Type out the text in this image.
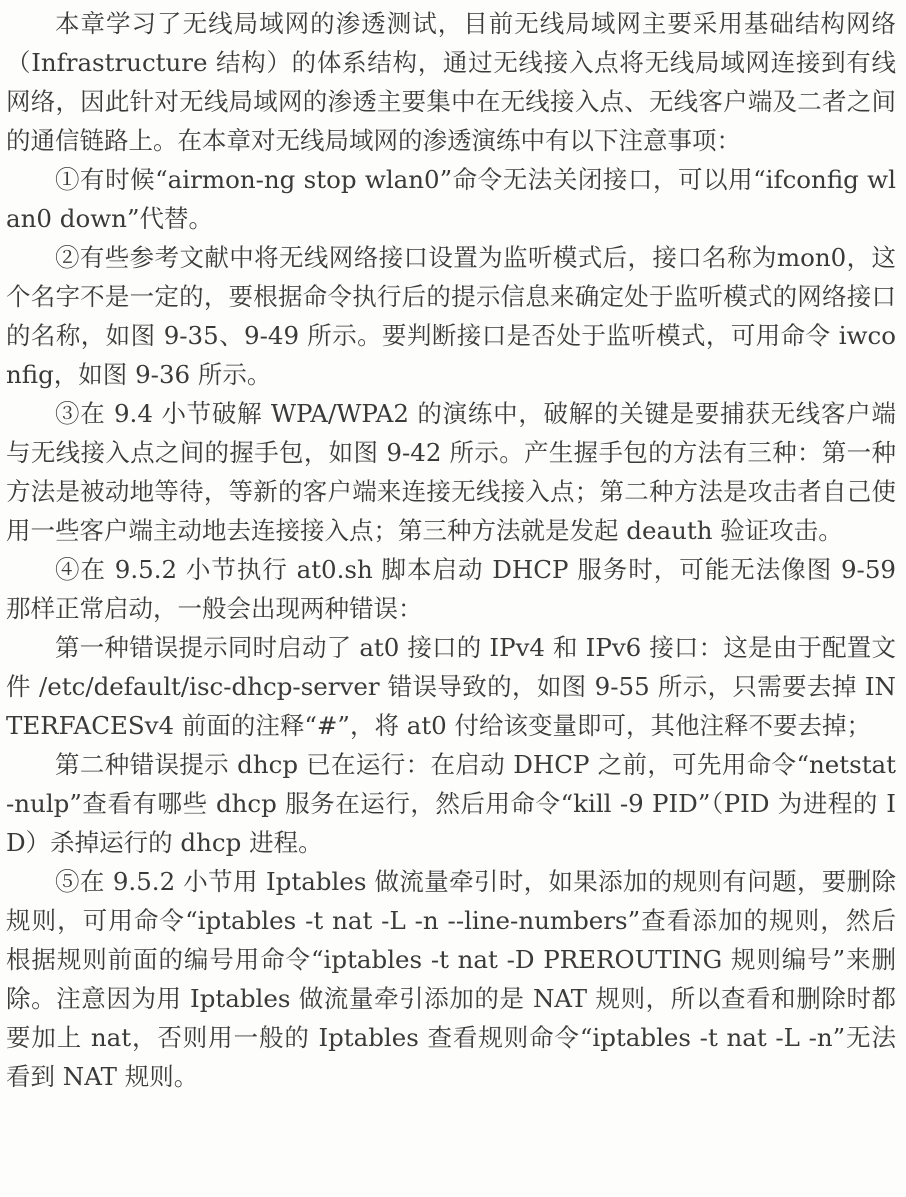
本章学习了无线局域网的渗透测试，目前无线局域网主要采用基础结构网络（Infrastructure 结构）的体系结构，通过无线接入点将无线局域网连接到有线网络，因此针对无线局域网的渗透主要集中在无线接入点、无线客户端及二者之间的通信链路上。在本章对无线局域网的渗透演练中有以下注意事项：

①有时候“airmon-ng stop wlan0”命令无法关闭接口，可以用“ifconfig wlan0 down”代替。

②有些参考文献中将无线网络接口设置为监听模式后，接口名称为mon0，这个名字不是一定的，要根据命令执行后的提示信息来确定处于监听模式的网络接口的名称，如图 9-35、9-49 所示。要判断接口是否处于监听模式，可用命令 iwconfig，如图 9-36 所示。

③在 9.4 小节破解 WPA/WPA2 的演练中，破解的关键是要捕获无线客户端与无线接入点之间的握手包，如图 9-42 所示。产生握手包的方法有三种：第一种方法是被动地等待，等新的客户端来连接无线接入点；第二种方法是攻击者自己使用一些客户端主动地去连接接入点；第三种方法就是发起 deauth 验证攻击。

④在 9.5.2 小节执行 at0.sh 脚本启动 DHCP 服务时，可能无法像图 9-59 那样正常启动，一般会出现两种错误：

第一种错误提示同时启动了 at0 接口的 IPv4 和 IPv6 接口：这是由于配置文件 /etc/default/isc-dhcp-server 错误导致的，如图 9-55 所示，只需要去掉 INTERFACESv4 前面的注释“#”，将 at0 付给该变量即可，其他注释不要去掉；

第二种错误提示 dhcp 已在运行：在启动 DHCP 之前，可先用命令“netstat -nulp”查看有哪些 dhcp 服务在运行，然后用命令“kill -9 PID”（PID 为进程的 ID）杀掉运行的 dhcp 进程。

⑤在 9.5.2 小节用 Iptables 做流量牵引时，如果添加的规则有问题，要删除规则，可用命令“iptables -t nat -L -n --line-numbers”查看添加的规则，然后根据规则前面的编号用命令“iptables -t nat -D PREROUTING 规则编号”来删除。注意因为用 Iptables 做流量牵引添加的是 NAT 规则，所以查看和删除时都要加上 nat，否则用一般的 Iptables 查看规则命令“iptables -t nat -L -n”无法看到 NAT 规则。
